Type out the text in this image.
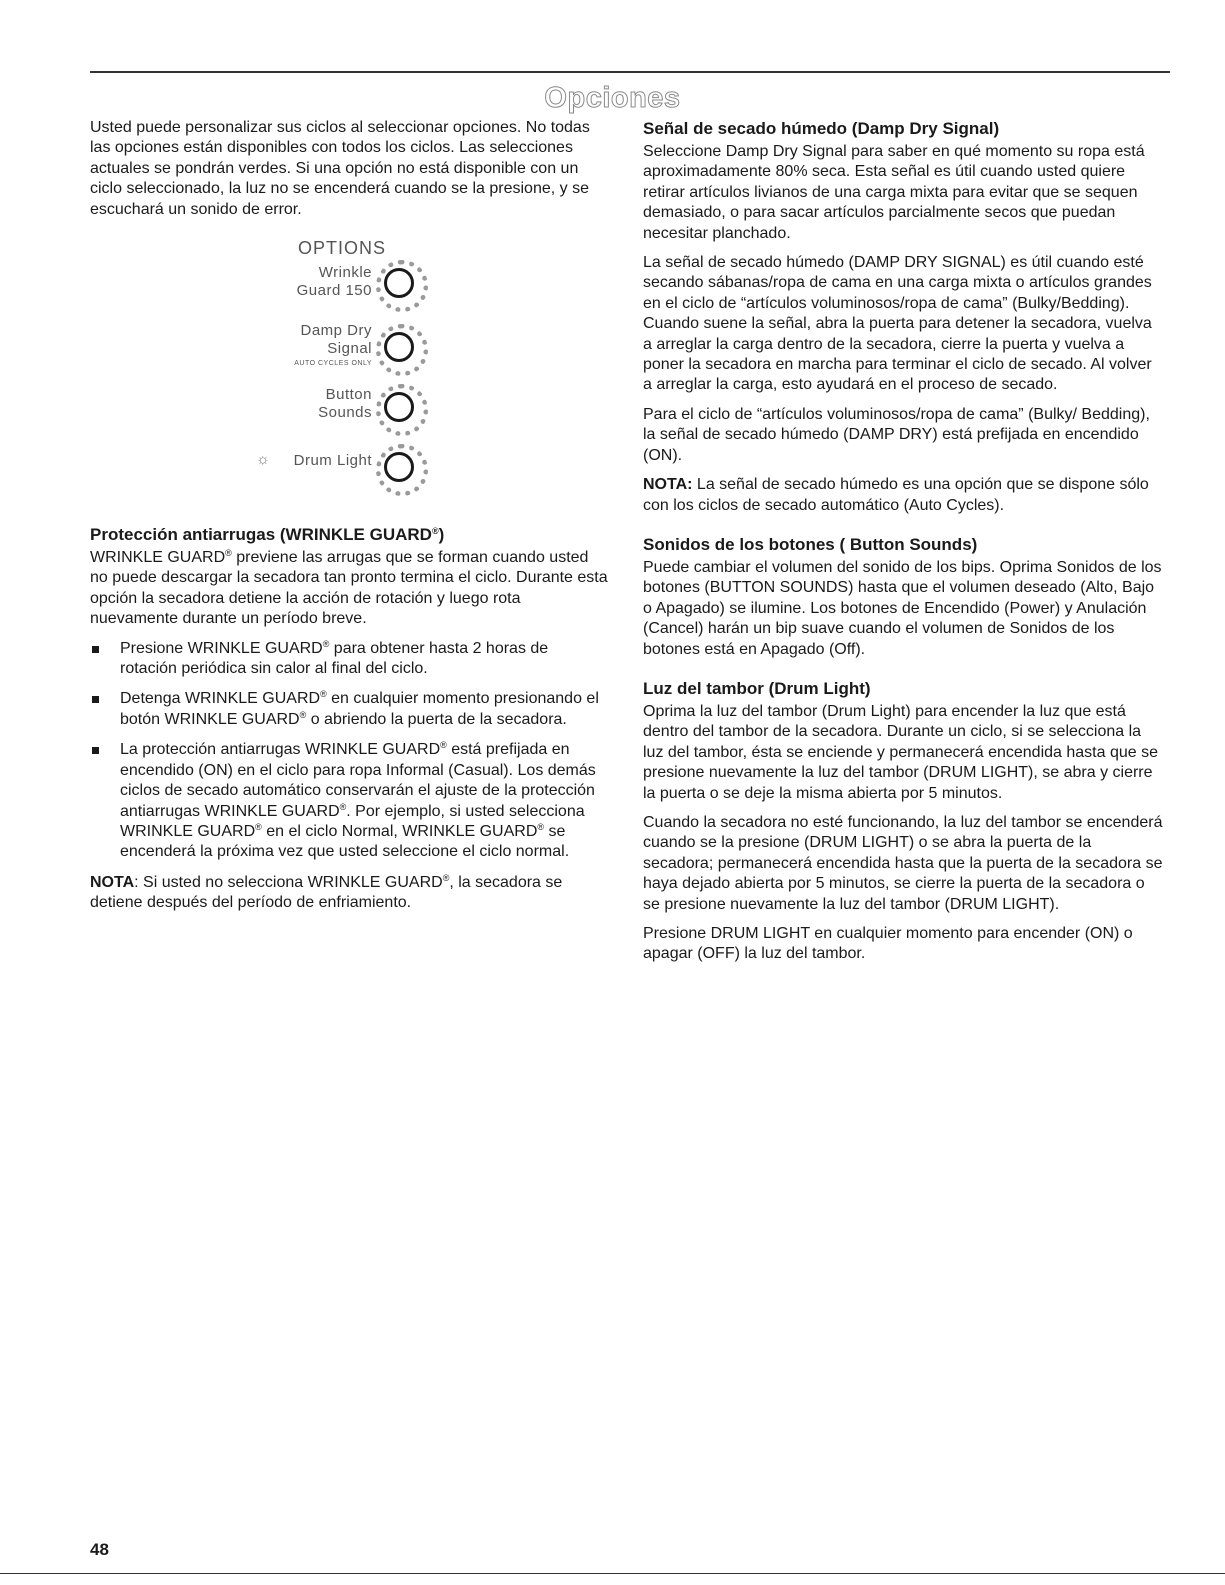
Opciones

Usted puede personalizar sus ciclos al seleccionar opciones. No todas las opciones están disponibles con todos los ciclos. Las selecciones actuales se pondrán verdes. Si una opción no está disponible con un ciclo seleccionado, la luz no se encenderá cuando se la presione, y se escuchará un sonido de error.

OPTIONS
Wrinkle
Guard 150
Damp Dry
Signal
AUTO CYCLES ONLY
Button
Sounds
☼	Drum Light
Protección antiarrugas (WRINKLE GUARD®)

WRINKLE GUARD® previene las arrugas que se forman cuando usted no puede descargar la secadora tan pronto termina el ciclo. Durante esta opción la secadora detiene la acción de rotación y luego rota nuevamente durante un período breve.

Presione WRINKLE GUARD® para obtener hasta 2 horas de rotación periódica sin calor al final del ciclo.
Detenga WRINKLE GUARD® en cualquier momento presionando el botón WRINKLE GUARD® o abriendo la puerta de la secadora.
La protección antiarrugas WRINKLE GUARD® está prefijada en encendido (ON) en el ciclo para ropa Informal (Casual). Los demás ciclos de secado automático conservarán el ajuste de la protección antiarrugas WRINKLE GUARD®. Por ejemplo, si usted selecciona WRINKLE GUARD® en el ciclo Normal, WRINKLE GUARD® se encenderá la próxima vez que usted seleccione el ciclo normal.

NOTA: Si usted no selecciona WRINKLE GUARD®, la secadora se detiene después del período de enfriamiento.

Señal de secado húmedo (Damp Dry Signal)

Seleccione Damp Dry Signal para saber en qué momento su ropa está aproximadamente 80% seca. Esta señal es útil cuando usted quiere retirar artículos livianos de una carga mixta para evitar que se sequen demasiado, o para sacar artículos parcialmente secos que puedan necesitar planchado.

La señal de secado húmedo (DAMP DRY SIGNAL) es útil cuando esté secando sábanas/ropa de cama en una carga mixta o artículos grandes en el ciclo de “artículos voluminosos/ropa de cama” (Bulky/Bedding). Cuando suene la señal, abra la puerta para detener la secadora, vuelva a arreglar la carga dentro de la secadora, cierre la puerta y vuelva a poner la secadora en marcha para terminar el ciclo de secado. Al volver a arreglar la carga, esto ayudará en el proceso de secado.

Para el ciclo de “artículos voluminosos/ropa de cama” (Bulky/ Bedding), la señal de secado húmedo (DAMP DRY) está prefijada en encendido (ON).

NOTA: La señal de secado húmedo es una opción que se dispone sólo con los ciclos de secado automático (Auto Cycles).

Sonidos de los botones ( Button Sounds)

Puede cambiar el volumen del sonido de los bips. Oprima Sonidos de los botones (BUTTON SOUNDS) hasta que el volumen deseado (Alto, Bajo o Apagado) se ilumine. Los botones de Encendido (Power) y Anulación (Cancel) harán un bip suave cuando el volumen de Sonidos de los botones está en Apagado (Off).

Luz del tambor (Drum Light)

Oprima la luz del tambor (Drum Light) para encender la luz que está dentro del tambor de la secadora. Durante un ciclo, si se selecciona la luz del tambor, ésta se enciende y permanecerá encendida hasta que se presione nuevamente la luz del tambor (DRUM LIGHT), se abra y cierre la puerta o se deje la misma abierta por 5 minutos.

Cuando la secadora no esté funcionando, la luz del tambor se encenderá cuando se la presione (DRUM LIGHT) o se abra la puerta de la secadora; permanecerá encendida hasta que la puerta de la secadora se haya dejado abierta por 5 minutos, se cierre la puerta de la secadora o se presione nuevamente la luz del tambor (DRUM LIGHT).

Presione DRUM LIGHT en cualquier momento para encender (ON) o apagar (OFF) la luz del tambor.

48
